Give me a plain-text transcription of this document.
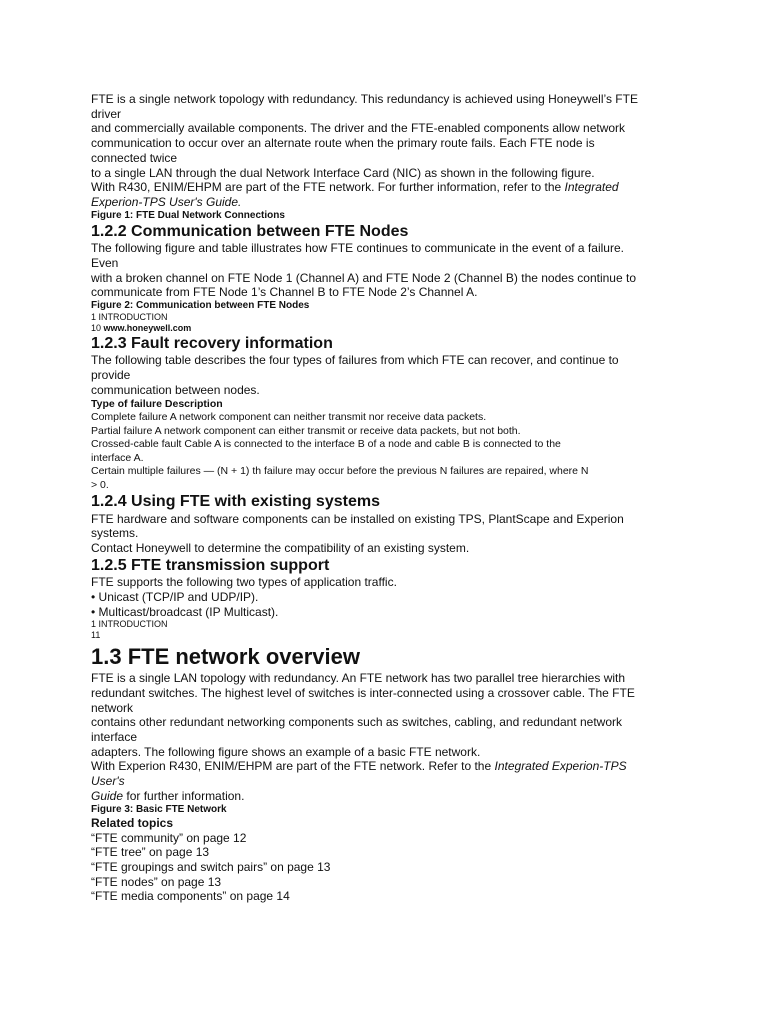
FTE is a single network topology with redundancy. This redundancy is achieved using Honeywell’s FTE

driver

and commercially available components. The driver and the FTE-enabled components allow network

communication to occur over an alternate route when the primary route fails. Each FTE node is

connected twice

to a single LAN through the dual Network Interface Card (NIC) as shown in the following figure.

With R430, ENIM/EHPM are part of the FTE network. For further information, refer to the Integrated

Experion-TPS User's Guide.

Figure 1: FTE Dual Network Connections

1.2.2 Communication between FTE Nodes

The following figure and table illustrates how FTE continues to communicate in the event of a failure.

Even

with a broken channel on FTE Node 1 (Channel A) and FTE Node 2 (Channel B) the nodes continue to

communicate from FTE Node 1’s Channel B to FTE Node 2’s Channel A.

Figure 2: Communication between FTE Nodes

1 INTRODUCTION

10 www.honeywell.com

1.2.3 Fault recovery information

The following table describes the four types of failures from which FTE can recover, and continue to

provide

communication between nodes.

Type of failure Description

Complete failure A network component can neither transmit nor receive data packets.

Partial failure A network component can either transmit or receive data packets, but not both.

Crossed-cable fault Cable A is connected to the interface B of a node and cable B is connected to the

interface A.

Certain multiple failures — (N + 1) th failure may occur before the previous N failures are repaired, where N

> 0.

1.2.4 Using FTE with existing systems

FTE hardware and software components can be installed on existing TPS, PlantScape and Experion

systems.

Contact Honeywell to determine the compatibility of an existing system.

1.2.5 FTE transmission support

FTE supports the following two types of application traffic.

• Unicast (TCP/IP and UDP/IP).

• Multicast/broadcast (IP Multicast).

1 INTRODUCTION

11

1.3 FTE network overview

FTE is a single LAN topology with redundancy. An FTE network has two parallel tree hierarchies with

redundant switches. The highest level of switches is inter-connected using a crossover cable. The FTE

network

contains other redundant networking components such as switches, cabling, and redundant network

interface

adapters. The following figure shows an example of a basic FTE network.

With Experion R430, ENIM/EHPM are part of the FTE network. Refer to the Integrated Experion-TPS

User's

Guide for further information.

Figure 3: Basic FTE Network

Related topics

“FTE community” on page 12

“FTE tree” on page 13

“FTE groupings and switch pairs” on page 13

“FTE nodes” on page 13

“FTE media components” on page 14
